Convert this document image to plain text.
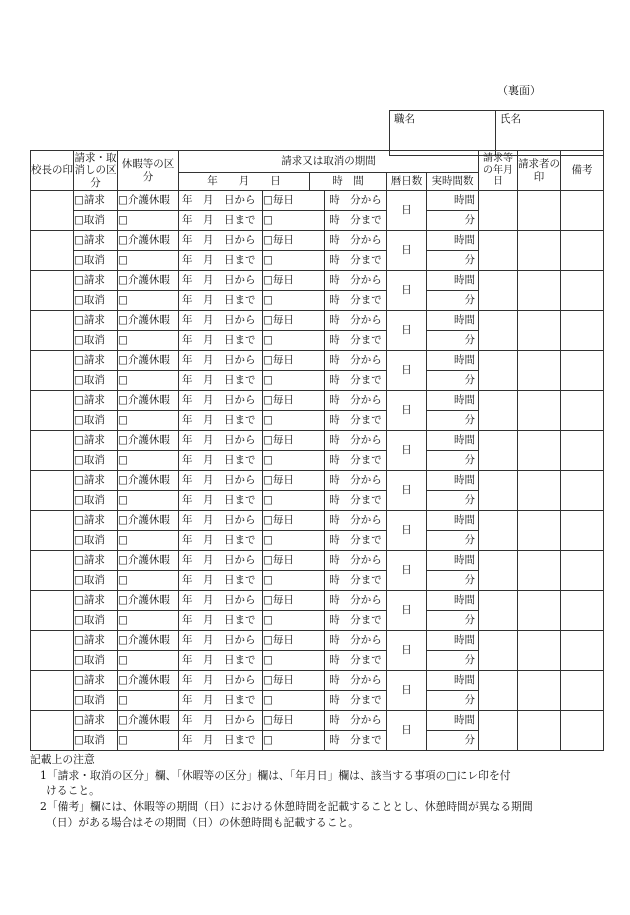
（裏面）
職名	氏名
校長の印	請求・取消しの区分	休暇等の区分	請求又は取消の期間						請求等の年月日	請求者の印	備考
			年　　 月　　 日		時　 間		暦日数	実時間数			
	□請求	□介護休暇	年　月　日から	□毎日		時　分から	日	時間			
	□取消	□	年　月　日まで	□		時　分まで		分			
	□請求	□介護休暇	年　月　日から	□毎日		時　分から	日	時間			
	□取消	□	年　月　日まで	□		時　分まで		分			
	□請求	□介護休暇	年　月　日から	□毎日		時　分から	日	時間			
	□取消	□	年　月　日まで	□		時　分まで		分			
	□請求	□介護休暇	年　月　日から	□毎日		時　分から	日	時間			
	□取消	□	年　月　日まで	□		時　分まで		分			
	□請求	□介護休暇	年　月　日から	□毎日		時　分から	日	時間			
	□取消	□	年　月　日まで	□		時　分まで		分			
	□請求	□介護休暇	年　月　日から	□毎日		時　分から	日	時間			
	□取消	□	年　月　日まで	□		時　分まで		分			
	□請求	□介護休暇	年　月　日から	□毎日		時　分から	日	時間			
	□取消	□	年　月　日まで	□		時　分まで		分			
	□請求	□介護休暇	年　月　日から	□毎日		時　分から	日	時間			
	□取消	□	年　月　日まで	□		時　分まで		分			
	□請求	□介護休暇	年　月　日から	□毎日		時　分から	日	時間			
	□取消	□	年　月　日まで	□		時　分まで		分			
	□請求	□介護休暇	年　月　日から	□毎日		時　分から	日	時間			
	□取消	□	年　月　日まで	□		時　分まで		分			
	□請求	□介護休暇	年　月　日から	□毎日		時　分から	日	時間			
	□取消	□	年　月　日まで	□		時　分まで		分			
	□請求	□介護休暇	年　月　日から	□毎日		時　分から	日	時間			
	□取消	□	年　月　日まで	□		時　分まで		分			
	□請求	□介護休暇	年　月　日から	□毎日		時　分から	日	時間			
	□取消	□	年　月　日まで	□		時　分まで		分			
	□請求	□介護休暇	年　月　日から	□毎日		時　分から	日	時間			
	□取消	□	年　月　日まで	□		時　分まで		分			

記載上の注意

1「請求・取消の区分」欄、「休暇等の区分」欄は、「年月日」欄は、該当する事項の□にレ印を付

けること。

2「備考」欄には、休暇等の期間（日）における休憩時間を記載することとし、休憩時間が異なる期間

（日）がある場合はその期間（日）の休憩時間も記載すること。
